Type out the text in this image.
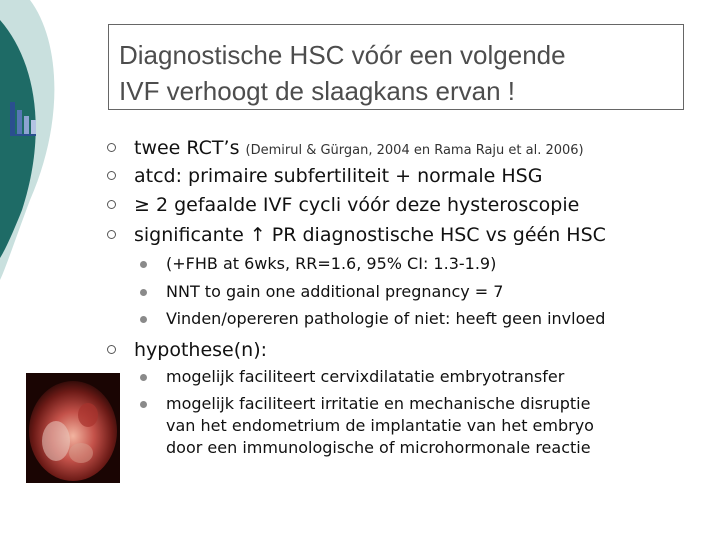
Diagnostische HSC vóór een volgende
IVF verhoogt de slaagkans ervan !
twee RCT’s (Demirul & Gürgan, 2004 en Rama Raju et al. 2006)
atcd: primaire subfertiliteit + normale HSG
≥ 2 gefaalde IVF cycli vóór deze hysteroscopie
significante ↑ PR diagnostische HSC vs géén HSC
(+FHB at 6wks, RR=1.6, 95% CI: 1.3-1.9)
NNT to gain one additional pregnancy = 7
Vinden/opereren pathologie of niet: heeft geen invloed
hypothese(n):
mogelijk faciliteert cervixdilatatie embryotransfer
mogelijk faciliteert irritatie en mechanische disruptie
van het endometrium de implantatie van het embryo
door een immunologische of microhormonale reactie
